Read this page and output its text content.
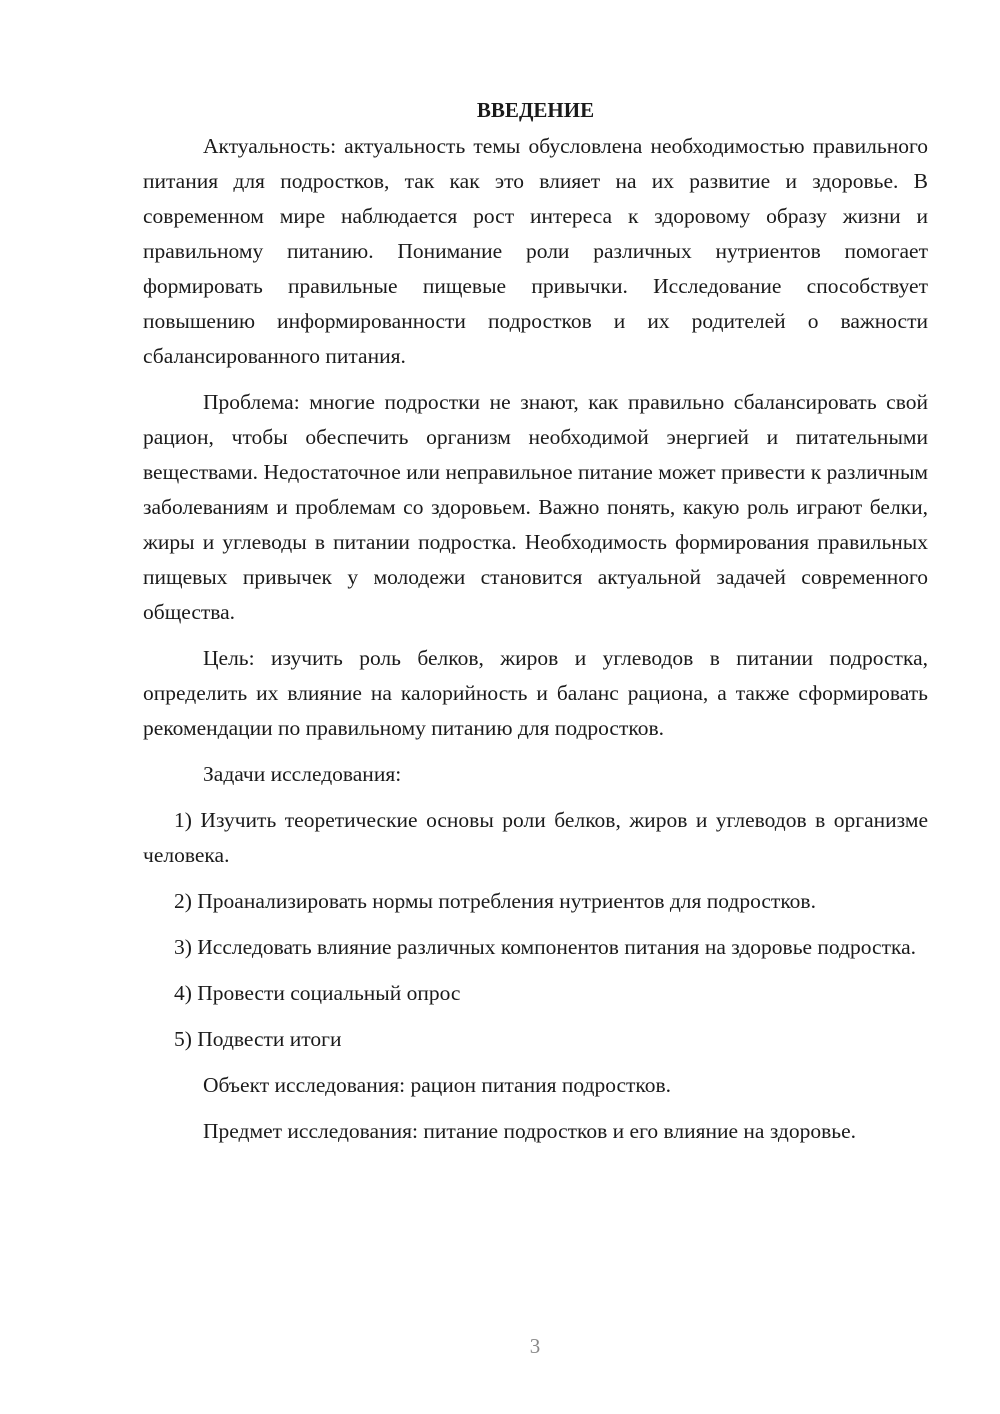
ВВЕДЕНИЕ

Актуальность: актуальность темы обусловлена необходимостью правильного питания для подростков, так как это влияет на их развитие и здоровье. В современном мире наблюдается рост интереса к здоровому образу жизни и правильному питанию. Понимание роли различных нутриентов помогает формировать правильные пищевые привычки. Исследование способствует повышению информированности подростков и их родителей о важности сбалансированного питания.

Проблема: многие подростки не знают, как правильно сбалансировать свой рацион, чтобы обеспечить организм необходимой энергией и питательными веществами. Недостаточное или неправильное питание может привести к различным заболеваниям и проблемам со здоровьем. Важно понять, какую роль играют белки, жиры и углеводы в питании подростка. Необходимость формирования правильных пищевых привычек у молодежи становится актуальной задачей современного общества.

Цель: изучить роль белков, жиров и углеводов в питании подростка, определить их влияние на калорийность и баланс рациона, а также сформировать рекомендации по правильному питанию для подростков.

Задачи исследования:

1) Изучить теоретические основы роли белков, жиров и углеводов в организме человека.

2) Проанализировать нормы потребления нутриентов для подростков.

3) Исследовать влияние различных компонентов питания на здоровье подростка.

4) Провести социальный опрос

5) Подвести итоги

Объект исследования: рацион питания подростков.

Предмет исследования: питание подростков и его влияние на здоровье.

3
